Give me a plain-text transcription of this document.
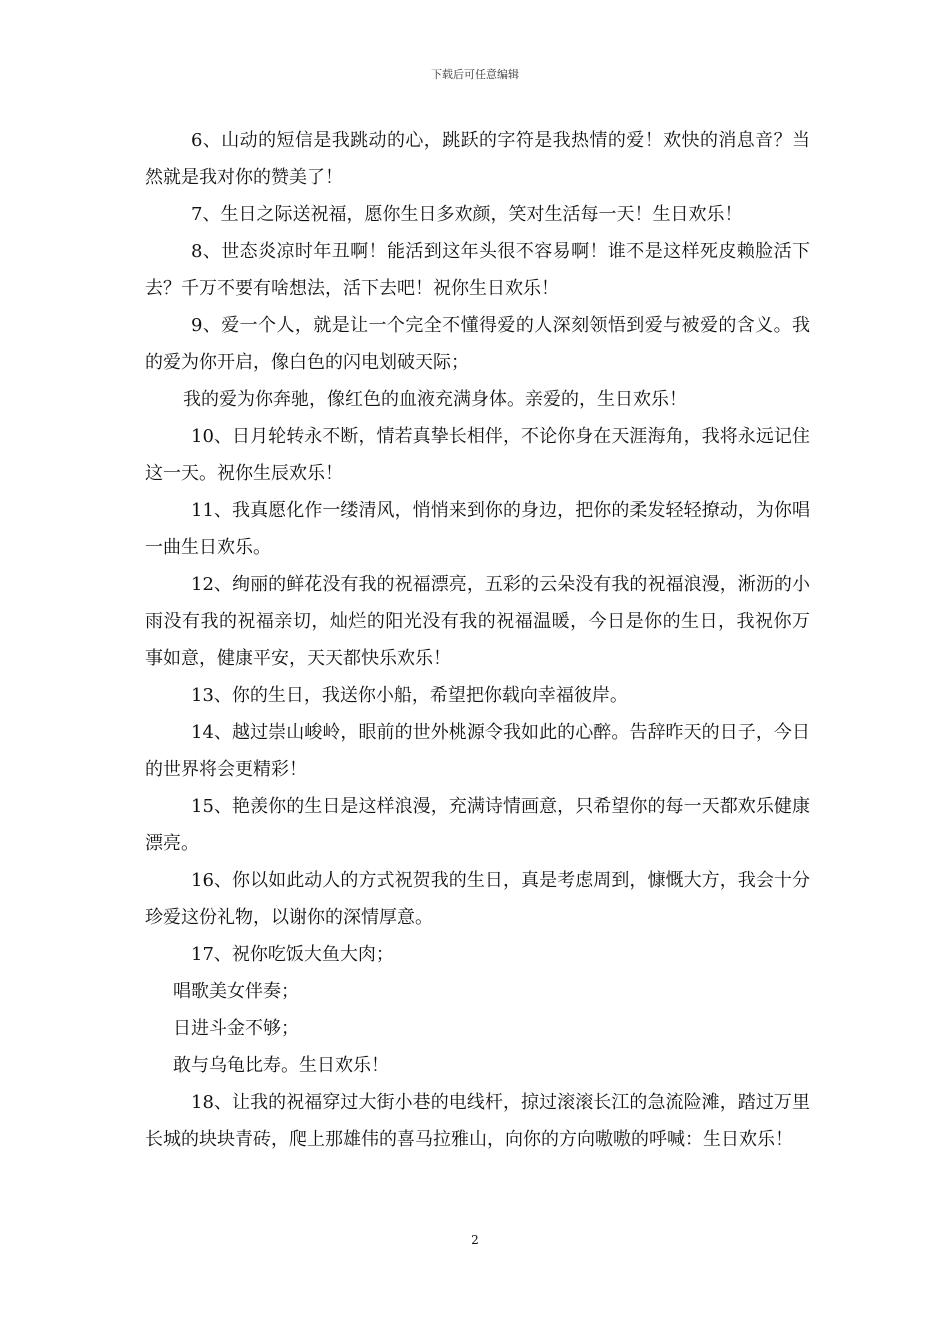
下载后可任意编辑

6、山动的短信是我跳动的心，跳跃的字符是我热情的爱！欢快的消息音？当然就是我对你的赞美了！

7、生日之际送祝福，愿你生日多欢颜，笑对生活每一天！生日欢乐！

8、世态炎凉时年丑啊！能活到这年头很不容易啊！谁不是这样死皮赖脸活下去？千万不要有啥想法，活下去吧！祝你生日欢乐！

9、爱一个人，就是让一个完全不懂得爱的人深刻领悟到爱与被爱的含义。我的爱为你开启，像白色的闪电划破天际；

我的爱为你奔驰，像红色的血液充满身体。亲爱的，生日欢乐！

10、日月轮转永不断，情若真挚长相伴，不论你身在天涯海角，我将永远记住这一天。祝你生辰欢乐！

11、我真愿化作一缕清风，悄悄来到你的身边，把你的柔发轻轻撩动，为你唱一曲生日欢乐。

12、绚丽的鲜花没有我的祝福漂亮，五彩的云朵没有我的祝福浪漫，淅沥的小雨没有我的祝福亲切，灿烂的阳光没有我的祝福温暖，今日是你的生日，我祝你万事如意，健康平安，天天都快乐欢乐！

13、你的生日，我送你小船，希望把你载向幸福彼岸。

14、越过崇山峻岭，眼前的世外桃源令我如此的心醉。告辞昨天的日子，今日的世界将会更精彩！

15、艳羡你的生日是这样浪漫，充满诗情画意，只希望你的每一天都欢乐健康漂亮。

16、你以如此动人的方式祝贺我的生日，真是考虑周到，慷慨大方，我会十分珍爱这份礼物，以谢你的深情厚意。

17、祝你吃饭大鱼大肉；

唱歌美女伴奏；

日进斗金不够；

敢与乌龟比寿。生日欢乐！

18、让我的祝福穿过大街小巷的电线杆，掠过滚滚长江的急流险滩，踏过万里长城的块块青砖，爬上那雄伟的喜马拉雅山，向你的方向嗷嗷的呼喊：生日欢乐！

2
